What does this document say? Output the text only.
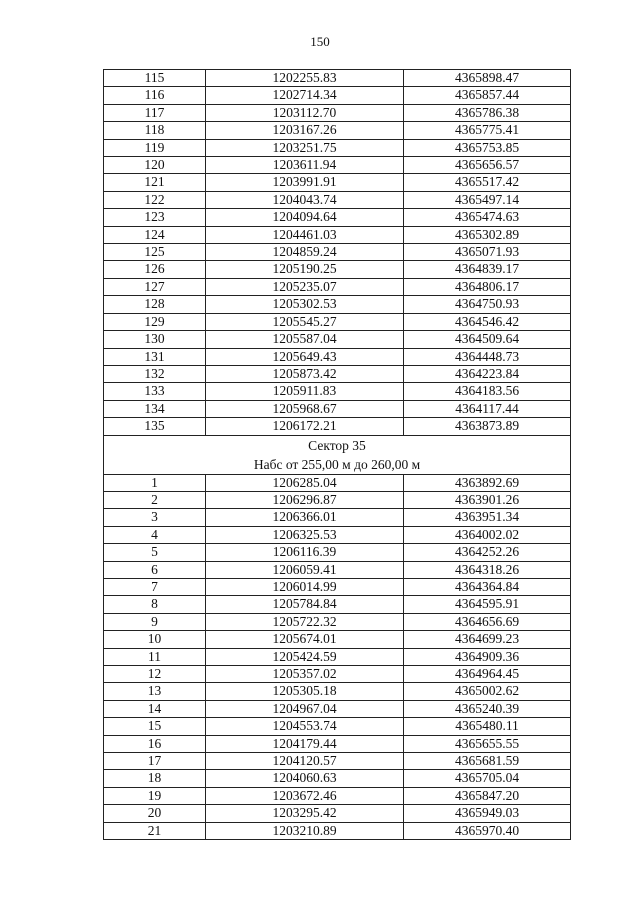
150
115	1202255.83	4365898.47
116	1202714.34	4365857.44
117	1203112.70	4365786.38
118	1203167.26	4365775.41
119	1203251.75	4365753.85
120	1203611.94	4365656.57
121	1203991.91	4365517.42
122	1204043.74	4365497.14
123	1204094.64	4365474.63
124	1204461.03	4365302.89
125	1204859.24	4365071.93
126	1205190.25	4364839.17
127	1205235.07	4364806.17
128	1205302.53	4364750.93
129	1205545.27	4364546.42
130	1205587.04	4364509.64
131	1205649.43	4364448.73
132	1205873.42	4364223.84
133	1205911.83	4364183.56
134	1205968.67	4364117.44
135	1206172.21	4363873.89

Сектор 35
Набс от 255,00 м до 260,00 м		

1	1206285.04	4363892.69
2	1206296.87	4363901.26
3	1206366.01	4363951.34
4	1206325.53	4364002.02
5	1206116.39	4364252.26
6	1206059.41	4364318.26
7	1206014.99	4364364.84
8	1205784.84	4364595.91
9	1205722.32	4364656.69
10	1205674.01	4364699.23
11	1205424.59	4364909.36
12	1205357.02	4364964.45
13	1205305.18	4365002.62
14	1204967.04	4365240.39
15	1204553.74	4365480.11
16	1204179.44	4365655.55
17	1204120.57	4365681.59
18	1204060.63	4365705.04
19	1203672.46	4365847.20
20	1203295.42	4365949.03
21	1203210.89	4365970.40
